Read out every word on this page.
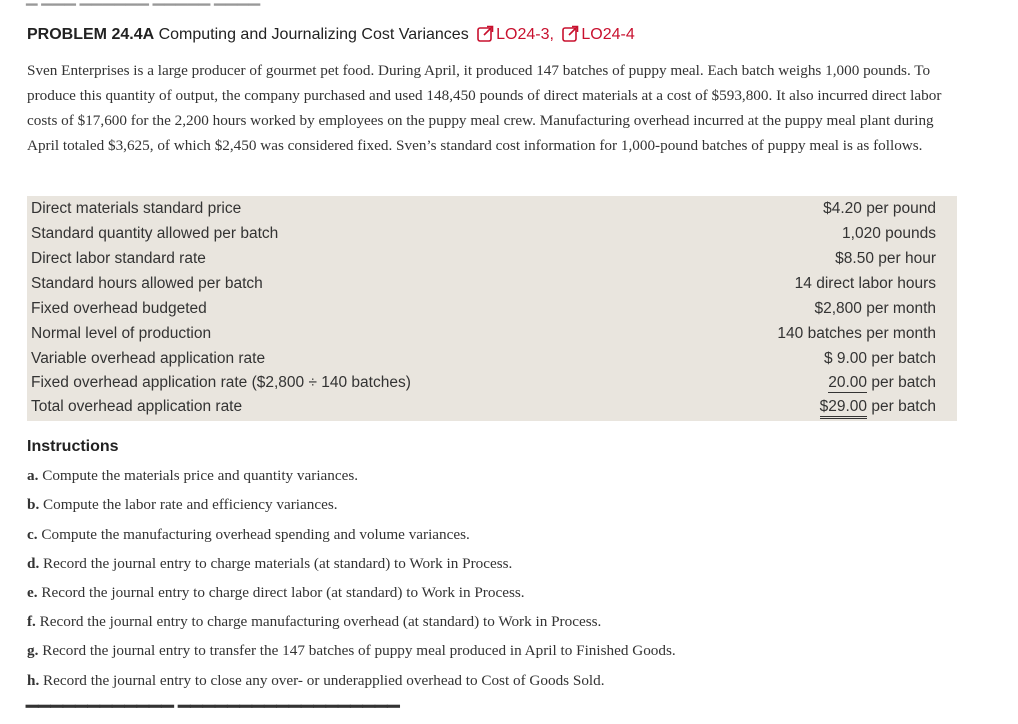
PROBLEM 24.4A Computing and Journalizing Cost Variances LO24-3, LO24-4
Sven Enterprises is a large producer of gourmet pet food. During April, it produced 147 batches of puppy meal. Each batch weighs 1,000 pounds. To produce this quantity of output, the company purchased and used 148,450 pounds of direct materials at a cost of $593,800. It also incurred direct labor costs of $17,600 for the 2,200 hours worked by employees on the puppy meal crew. Manufacturing overhead incurred at the puppy meal plant during April totaled $3,625, of which $2,450 was considered fixed. Sven’s standard cost information for 1,000-pound batches of puppy meal is as follows.
Direct materials standard price	$4.20 per pound
Standard quantity allowed per batch	1,020 pounds
Direct labor standard rate	$8.50 per hour
Standard hours allowed per batch	14 direct labor hours
Fixed overhead budgeted	$2,800 per month
Normal level of production	140 batches per month
Variable overhead application rate	$ 9.00 per batch
Fixed overhead application rate ($2,800 ÷ 140 batches)	20.00 per batch
Total overhead application rate	$29.00 per batch
Instructions
a. Compute the materials price and quantity variances.
b. Compute the labor rate and efficiency variances.
c. Compute the manufacturing overhead spending and volume variances.
d. Record the journal entry to charge materials (at standard) to Work in Process.
e. Record the journal entry to charge direct labor (at standard) to Work in Process.
f. Record the journal entry to charge manufacturing overhead (at standard) to Work in Process.
g. Record the journal entry to transfer the 147 batches of puppy meal produced in April to Finished Goods.
h. Record the journal entry to close any over- or underapplied overhead to Cost of Goods Sold.
▔▔▔▔▔▔▔▔▔▔▔▔ ▔▔▔▔▔▔▔▔▔▔▔▔▔▔▔▔▔▔
